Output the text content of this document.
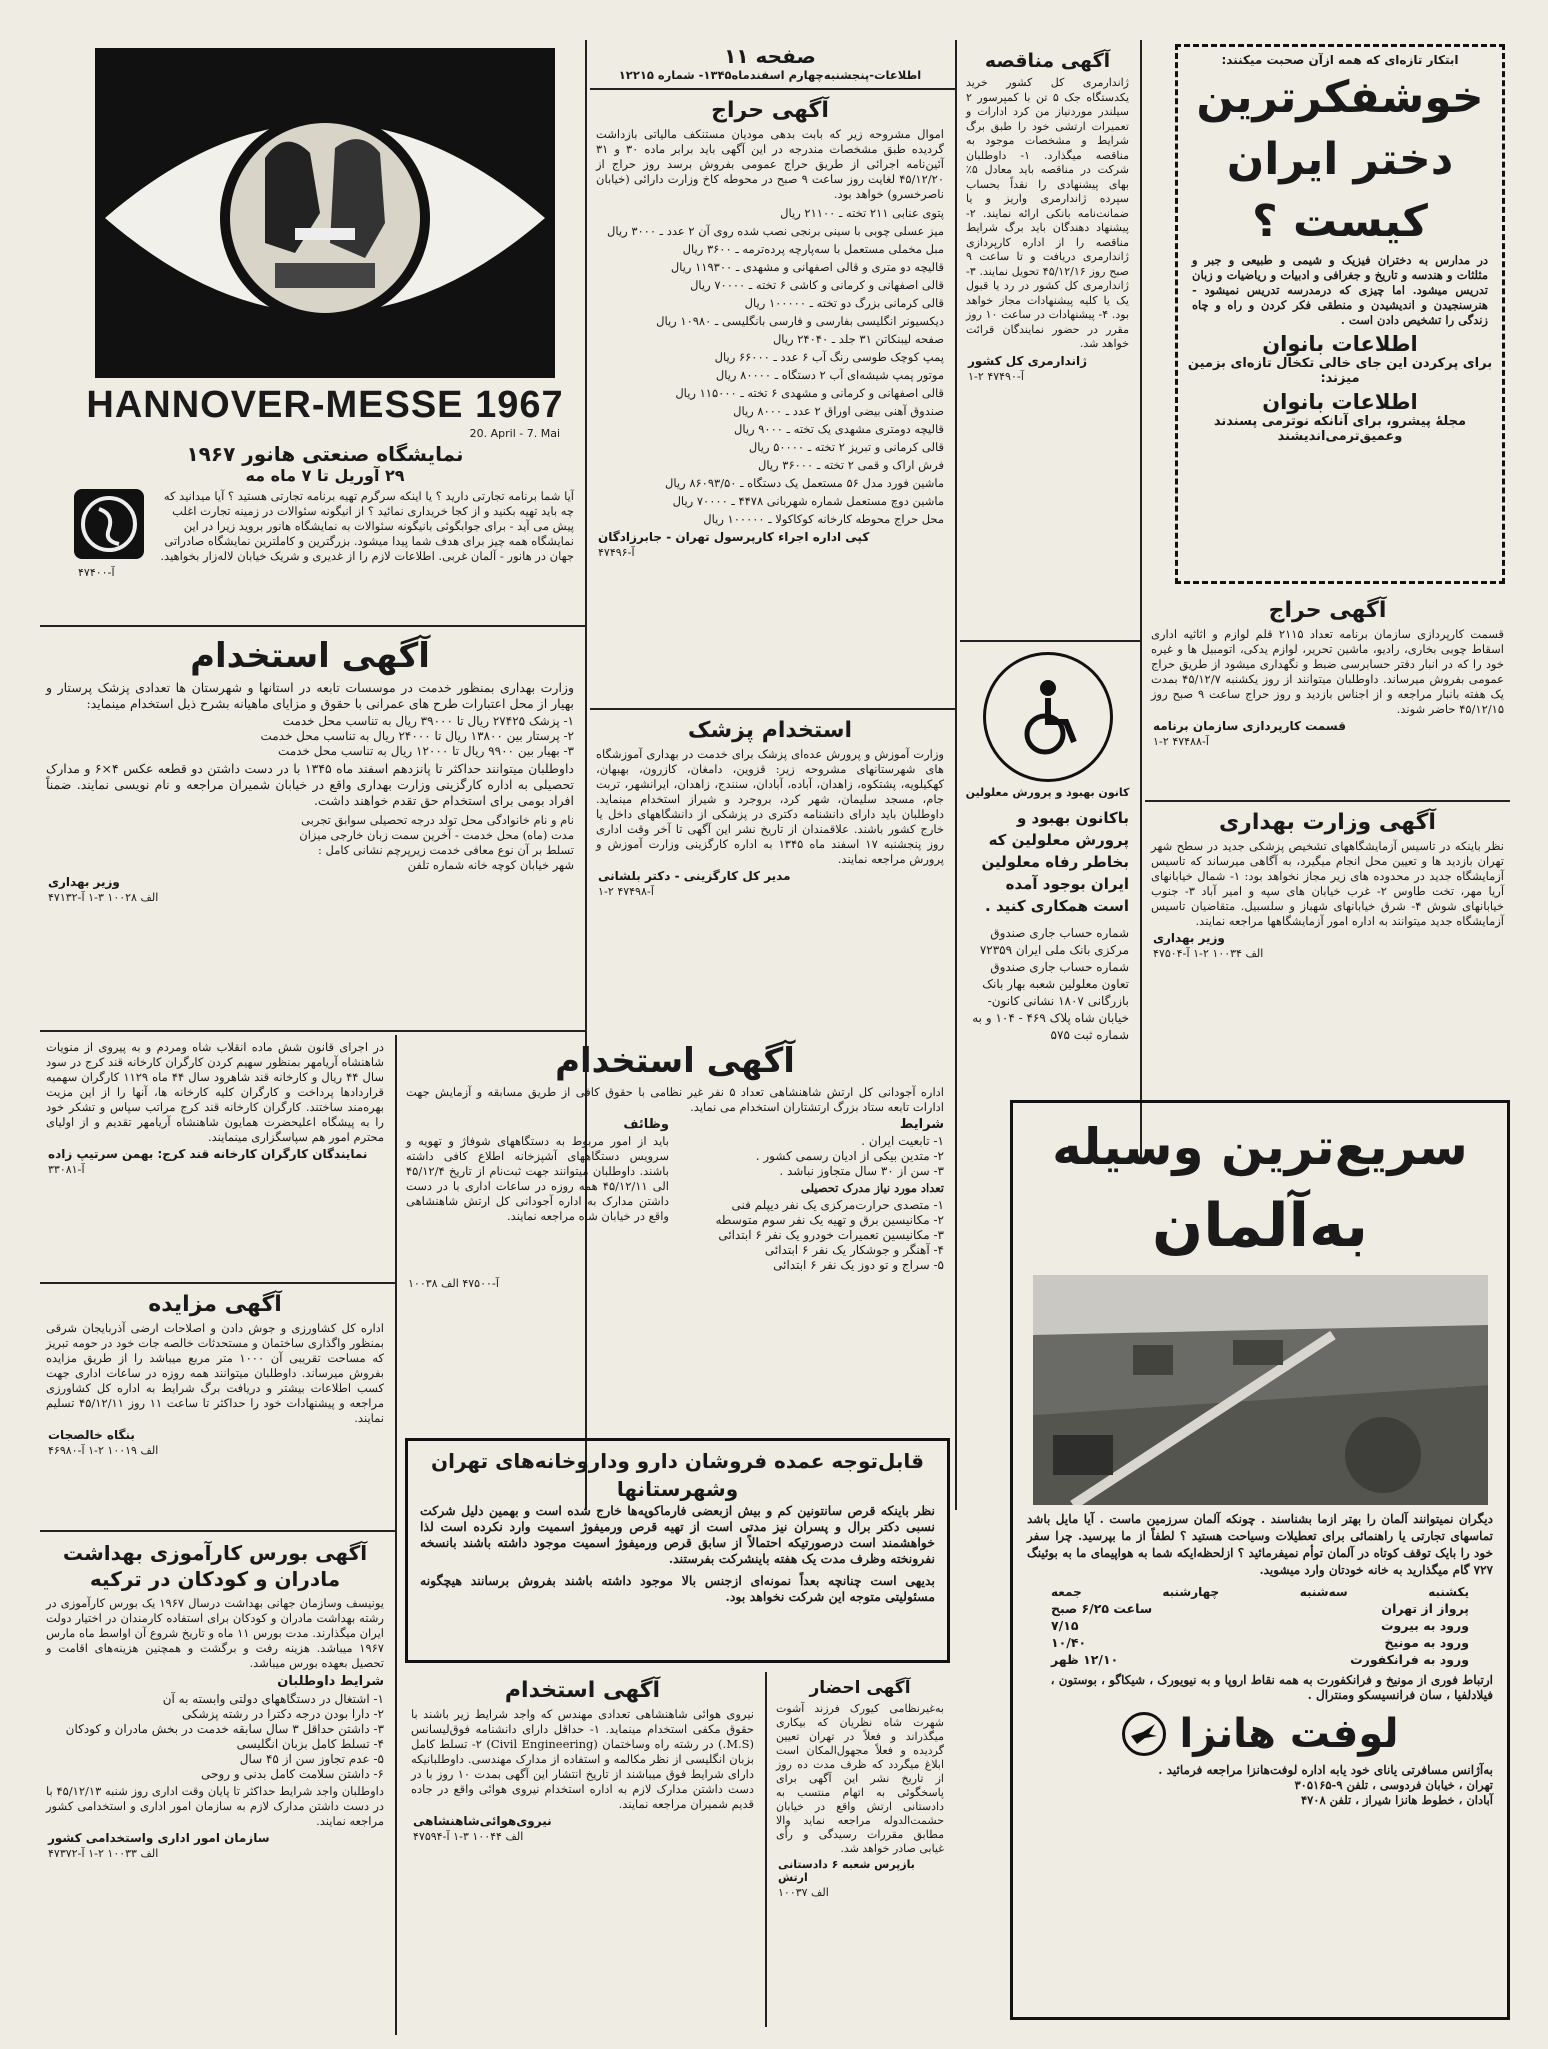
HANNOVER-MESSE 1967
20. April - 7. Mai
نمایشگاه صنعتی هانور ۱۹۶۷
۲۹ آوریل تا ۷ ماه مه

آیا شما برنامه تجارتی دارید ؟ یا اینکه سرگرم تهیه برنامه تجارتی هستید ؟ آیا میدانید که چه باید تهیه بکنید و از کجا خریداری نمائید ؟ از انیگونه سئوالات در زمینه تجارت اغلب پیش می آید - برای جوابگوئی بانیگونه سئوالات به نمایشگاه هانور بروید زیرا در این نمایشگاه همه چیز برای هدف شما پیدا میشود. بزرگترین و کاملترین نمایشگاه صادراتی جهان در هانور - آلمان غربی. اطلاعات لازم را از غدیری و شریک خیابان لاله‌زار بخواهید.

آ-۴۷۴۰۰
آگهی استخدام

وزارت بهداری بمنظور خدمت در موسسات تابعه در استانها و شهرستان ها تعدادی پزشک پرستار و بهیار از محل اعتبارات طرح های عمرانی با حقوق و مزایای ماهیانه بشرح ذیل استخدام مینماید:

۱- پزشک ۲۷۴۲۵ ریال تا ۳۹۰۰۰ ریال به تناسب محل خدمت
۲- پرستار بین ۱۳۸۰۰ ریال تا ۲۴۰۰۰ ریال به تناسب محل خدمت
۳- بهیار بین ۹۹۰۰ ریال تا ۱۲۰۰۰ ریال به تناسب محل خدمت

داوطلبان میتوانند حداکثر تا پانزدهم اسفند ماه ۱۳۴۵ با در دست داشتن دو قطعه عکس ۴×۶ و مدارک تحصیلی به اداره کارگزینی وزارت بهداری واقع در خیابان شمیران مراجعه و نام نویسی نمایند. ضمناً افراد بومی برای استخدام حق تقدم خواهند داشت.

نام و نام خانوادگی محل تولد درجه تحصیلی سوابق تجربی
مدت (ماه) محل خدمت - آخرین سمت زبان خارجی میزان
تسلط بر آن نوع معافی خدمت زیرپرچم نشانی کامل :
شهر خیابان کوچه خانه شماره تلفن
وزیر بهداری
الف ۱۰۰۲۸ ۳-۱ آ-۴۷۱۳۲

در اجرای قانون شش ماده انقلاب شاه ومردم و به پیروی از منویات شاهنشاه آریامهر بمنظور سهیم کردن کارگران کارخانه قند کرج در سود سال ۴۴ ریال و کارخانه قند شاهرود سال ۴۴ ماه ۱۱۲۹ کارگران سهمیه قراردادها پرداخت و کارگران کلیه کارخانه ها، آنها را از این مزیت بهره‌مند ساختند. کارگران کارخانه قند کرج مراتب سپاس و تشکر خود را به پیشگاه اعلیحضرت همایون شاهنشاه آریامهر تقدیم و از اولیای محترم امور هم سپاسگزاری مینمایند.

نمایندگان کارگران کارخانه قند کرج: بهمن سرتیپ زاده
آ-۳۳۰۸۱
آگهی مزایده

اداره کل کشاورزی و جوش دادن و اصلاحات ارضی آذربایجان شرقی بمنظور واگذاری ساختمان و مستحدثات خالصه جات خود در حومه تبریز که مساحت تقریبی آن ۱۰۰۰ متر مربع میباشد را از طریق مزایده بفروش میرساند. داوطلبان میتوانند همه روزه در ساعات اداری جهت کسب اطلاعات بیشتر و دریافت برگ شرایط به اداره کل کشاورزی مراجعه و پیشنهادات خود را حداکثر تا ساعت ۱۱ روز ۴۵/۱۲/۱۱ تسلیم نمایند.

بنگاه خالصجات
الف ۱۰۰۱۹ ۲-۱ آ-۴۶۹۸۰
آگهی بورس کارآموزی بهداشت مادران و کودکان در ترکیه

یونیسف وسازمان جهانی بهداشت درسال ۱۹۶۷ یک بورس کارآموزی در رشته بهداشت مادران و کودکان برای استفاده کارمندان در اختیار دولت ایران میگذارند. مدت بورس ۱۱ ماه و تاریخ شروع آن اواسط ماه مارس ۱۹۶۷ میباشد. هزینه رفت و برگشت و همچنین هزینه‌های اقامت و تحصیل بعهده بورس میباشد.

شرایط داوطلبان
۱- اشتغال در دستگاههای دولتی وابسته به آن
۲- دارا بودن درجه دکترا در رشته پزشکی
۳- داشتن حداقل ۳ سال سابقه خدمت در بخش مادران و کودکان
۴- تسلط کامل بزبان انگلیسی
۵- عدم تجاوز سن از ۴۵ سال
۶- داشتن سلامت کامل بدنی و روحی

داوطلبان واجد شرایط حداکثر تا پایان وقت اداری روز شنبه ۴۵/۱۲/۱۳ با در دست داشتن مدارک لازم به سازمان امور اداری و استخدامی کشور مراجعه نمایند.

سازمان امور اداری واستخدامی کشور
الف ۱۰۰۳۳ ۲-۱ آ-۴۷۳۷۲
صفحه ۱۱
اطلاعات-پنجشنبه‌چهارم اسفندماه۱۳۴۵- شماره ۱۲۲۱۵
آگهی حراج

اموال مشروحه زیر که بابت بدهی مودیان مستنکف مالیاتی بازداشت گردیده طبق مشخصات مندرجه در این آگهی باید برابر ماده ۳۰ و ۳۱ آئین‌نامه اجرائی از طریق حراج عمومی بفروش برسد روز حراج از ۴۵/۱۲/۲۰ لغایت روز ساعت ۹ صبح در محوطه کاخ وزارت دارائی (خیابان ناصرخسرو) خواهد بود.

پتوی عنابی ۲۱۱ تخته ـ ۲۱۱۰۰ ریال
میز عسلی چوبی با سینی برنجی نصب شده روی آن ۲ عدد ـ ۳۰۰۰ ریال
مبل مخملی مستعمل با سه‌پارچه پرده‌ترمه ـ ۳۶۰۰ ریال
قالیچه دو متری و قالی اصفهانی و مشهدی ـ ۱۱۹۳۰۰ ریال
قالی اصفهانی و کرمانی و کاشی ۶ تخته ـ ۷۰۰۰۰ ریال
قالی کرمانی بزرگ دو تخته ـ ۱۰۰۰۰۰ ریال
دیکسیونر انگلیسی بفارسی و فارسی بانگلیسی ـ ۱۰۹۸۰ ریال
صفحه لیبنکاتن ۳۱ جلد ـ ۲۴۰۴۰ ریال
پمپ کوچک طوسی رنگ آب ۶ عدد ـ ۶۶۰۰۰ ریال
موتور پمپ شیشه‌ای آب ۲ دستگاه ـ ۸۰۰۰۰ ریال
قالی اصفهانی و کرمانی و مشهدی ۶ تخته ـ ۱۱۵۰۰۰ ریال
صندوق آهنی بیضی اوراق ۲ عدد ـ ۸۰۰۰ ریال
قالیچه دومتری مشهدی یک تخته ـ ۹۰۰۰ ریال
قالی کرمانی و تبریز ۲ تخته ـ ۵۰۰۰۰ ریال
فرش اراک و قمی ۲ تخته ـ ۳۶۰۰۰ ریال
ماشین فورد مدل ۵۶ مستعمل یک دستگاه ـ ۸۶۰۹۳/۵۰ ریال
ماشین دوچ مستعمل شماره شهربانی ۴۴۷۸ ـ ۷۰۰۰۰ ریال
محل حراج محوطه کارخانه کوکاکولا ـ ۱۰۰۰۰۰ ریال
کپی اداره اجراء کارپرسول تهران - جابرزادگان
آ-۴۷۴۹۶
استخدام پزشک

وزارت آموزش و پرورش عده‌ای پزشک برای خدمت در بهداری آموزشگاه های شهرستانهای مشروحه زیر: قزوین، دامغان، کازرون، بهبهان، کهکیلویه، پشتکوه، زاهدان، آباده، آبادان، سنندج، زاهدان، ایرانشهر، تربت جام، مسجد سلیمان، شهر کرد، بروجرد و شیراز استخدام مینماید. داوطلبان باید دارای دانشنامه دکتری در پزشکی از دانشگاههای داخل یا خارج کشور باشند. علاقمندان از تاریخ نشر این آگهی تا آخر وقت اداری روز پنجشنبه ۱۷ اسفند ماه ۱۳۴۵ به اداره کارگزینی وزارت آموزش و پرورش مراجعه نمایند.

مدیر کل کارگزینی - دکتر بلشانی
آ-۴۷۴۹۸ ۲-۱
آگهی استخدام

اداره آجودانی کل ارتش شاهنشاهی تعداد ۵ نفر غیر نظامی با حقوق کافی از طریق مسابقه و آزمایش جهت ادارات تابعه ستاد بزرگ ارتشتاران استخدام می نماید.

شرایط
۱- تابعیت ایران .
۲- متدین بیکی از ادیان رسمی کشور .
۳- سن از ۳۰ سال متجاوز نباشد .
تعداد مورد نیاز مدرک تحصیلی
۱- متصدی حرارت‌مرکزی یک نفر دیپلم فنی
۲- مکانیسین برق و تهیه یک نفر سوم متوسطه
۳- مکانیسین تعمیرات خودرو یک نفر ۶ ابتدائی
۴- آهنگر و جوشکار یک نفر ۶ ابتدائی
۵- سراج و تو دوز یک نفر ۶ ابتدائی
وظائف

باید از امور مربوط به دستگاههای شوفاژ و تهویه و سرویس دستگاههای آشپزخانه اطلاع کافی داشته باشند. داوطلبان میتوانند جهت ثبت‌نام از تاریخ ۴۵/۱۲/۴ الی ۴۵/۱۲/۱۱ همه روزه در ساعات اداری با در دست داشتن مدارک به اداره آجودانی کل ارتش شاهنشاهی واقع در خیابان شاه مراجعه نمایند.

آ-۴۷۵۰۰ الف ۱۰۰۳۸
قابل‌توجه عمده فروشان دارو وداروخانه‌های تهران وشهرستانها

نظر باینکه قرص سانتونین کم و بیش ازبعضی فارماکوپه‌ها خارج شده است و بهمین دلیل شرکت نسبی دکتر برال و پسران نیز مدتی است از تهیه قرص ورمیفوژ اسمیت وارد نکرده است لذا خواهشمند است درصورتیکه احتمالاً از سابق قرص ورمیفوژ اسمیت موجود داشته باشند بانسخه نفرونخته وظرف مدت یک هفته باینشرکت بفرستند.

بدیهی است چنانچه بعداً نمونه‌ای ازجنس بالا موجود داشته باشند بفروش برسانند هیچگونه مسئولیتی متوجه این شرکت نخواهد بود.

آگهی استخدام

نیروی هوائی شاهنشاهی تعدادی مهندس که واجد شرایط زیر باشند با حقوق مکفی استخدام مینماید. ۱- حداقل دارای دانشنامه فوق‌لیسانس (M.S.) در رشته راه وساختمان (Civil Engineering) ۲- تسلط کامل بزبان انگلیسی از نظر مکالمه و استفاده از مدارک مهندسی. داوطلبانیکه دارای شرایط فوق میباشند از تاریخ انتشار این آگهی بمدت ۱۰ روز با در دست داشتن مدارک لازم به اداره استخدام نیروی هوائی واقع در جاده قدیم شمیران مراجعه نمایند.

نیروی‌هوائی‌شاهنشاهی
الف ۱۰۰۴۴ ۳-۱ آ-۴۷۵۹۴
آگهی احضار

به‌غیرنظامی کیورک فرزند آشوت شهرت شاه نظریان که بیکاری میگذراند و فعلاً در تهران تعیین گردیده و فعلاً مجهول‌المکان است ابلاغ میگردد که ظرف مدت ده روز از تاریخ نشر این آگهی برای پاسخگوئی به اتهام منتسب به دادستانی ارتش واقع در خیابان حشمت‌الدوله مراجعه نماید والا مطابق مقررات رسیدگی و رأی غیابی صادر خواهد شد.

بازپرس شعبه ۶ دادستانی ارتش
الف ۱۰۰۳۷
آگهی مناقصه

ژاندارمری کل کشور خرید یکدستگاه جک ۵ تن با کمپرسور ۲ سیلندر موردنیاز من کرد ادارات و تعمیرات ارتشی خود را طبق برگ شرایط و مشخصات موجود به مناقصه میگذارد. ۱- داوطلبان شرکت در مناقصه باید معادل ۵٪ بهای پیشنهادی را نقداً بحساب سپرده ژاندارمری واریز و یا ضمانت‌نامه بانکی ارائه نمایند. ۲- پیشنهاد دهندگان باید برگ شرایط مناقصه را از اداره کارپردازی ژاندارمری دریافت و تا ساعت ۹ صبح روز ۴۵/۱۲/۱۶ تحویل نمایند. ۳- ژاندارمری کل کشور در رد یا قبول یک یا کلیه پیشنهادات مجاز خواهد بود. ۴- پیشنهادات در ساعت ۱۰ روز مقرر در حضور نمایندگان قرائت خواهد شد.

ژاندارمری کل کشور
آ-۴۷۴۹۰ ۲-۱
کانون بهبود و پرورش معلولین
باکانون بهبود و پرورش معلولین که بخاطر رفاه معلولین ایران بوجود آمده است همکاری کنید .

شماره حساب جاری صندوق مرکزی بانک ملی ایران ۷۲۳۵۹ شماره حساب جاری صندوق تعاون معلولین شعبه بهار بانک بازرگانی ۱۸۰۷ نشانی کانون- خیابان شاه پلاک ۴۶۹ - ۱۰۴ و به شماره ثبت ۵۷۵

ابتکار تازه‌ای که همه ازآن صحبت میکنند:
خوشفکرترین
دختر ایران
کیست ؟

در مدارس به دختران فیزیک و شیمی و طبیعی و جبر و مثلثات و هندسه و تاریخ و جغرافی و ادبیات و ریاضیات و زبان تدریس میشود. اما چیزی که درمدرسه تدریس نمیشود - هنرسنجیدن و اندیشیدن و منطقی فکر کردن و راه و چاه زندگی را تشخیص دادن است .

اطلاعات بانوان
برای پرکردن این جای خالی تکخال تازه‌ای بزمین میزند:
اطلاعات بانوان
مجلۀ پیشرو، برای آنانکه نوترمی پسندند وعمیق‌ترمی‌اندیشند
آگهی حراج

قسمت کارپردازی سازمان برنامه تعداد ۲۱۱۵ قلم لوازم و اثاثیه اداری اسقاط چوبی بخاری، رادیو، ماشین تحریر، لوازم یدکی، اتومبیل ها و غیره خود را که در انبار دفتر حسابرسی ضبط و نگهداری میشود از طریق حراج عمومی بفروش میرساند. داوطلبان میتوانند از روز یکشنبه ۴۵/۱۲/۷ بمدت یک هفته بانبار مراجعه و از اجناس بازدید و روز حراج ساعت ۹ صبح روز ۴۵/۱۲/۱۵ حاضر شوند.

قسمت کارپردازی سازمان برنامه
آ-۴۷۴۸۸ ۲-۱
آگهی وزارت بهداری

نظر باینکه در تاسیس آزمایشگاههای تشخیص پزشکی جدید در سطح شهر تهران بازدید ها و تعیین محل انجام میگیرد، به آگاهی میرساند که تاسیس آزمایشگاه جدید در محدوده های زیر مجاز نخواهد بود: ۱- شمال خیابانهای آریا مهر، تخت طاوس ۲- غرب خیابان های سپه و امیر آباد ۳- جنوب خیابانهای شوش ۴- شرق خیابانهای شهباز و سلسبیل. متقاضیان تاسیس آزمایشگاه جدید میتوانند به اداره امور آزمایشگاهها مراجعه نمایند.

وزیر بهداری
الف ۱۰۰۳۴ ۲-۱ آ-۴۷۵۰۴
سریع‌ترین وسیله
به‌آلمان

دیگران نمیتوانند آلمان را بهتر ازما بشناسند . چونکه آلمان سرزمین ماست . آیا مایل باشد تماسهای تجارتی یا راهنمائی برای تعطیلات وسیاحت هستید ؟ لطفاً از ما بپرسید. چرا سفر خود را بایک توقف کوتاه در آلمان توأم نمیفرمائید ؟ ازلحظه‌ایکه شما به هواپیمای ما به بوئینگ ۷۲۷ گام میگذارید به خانه خودتان وارد میشوید.

یکشنبه
سه‌شنبه
چهارشنبه
جمعه
پرواز از تهران
ساعت ۶/۲۵ صبح
ورود به بیروت
۷/۱۵
ورود به مونیخ
۱۰/۴۰
ورود به فرانکفورت
۱۲/۱۰ ظهر

ارتباط فوری از مونیخ و فرانکفورت به همه نقاط اروپا و به نیویورک ، شیکاگو ، بوستون ، فیلادلفیا ، سان فرانسیسکو ومنترال .

لوفت هانزا

به‌آژانس مسافرتی یانای خود یابه اداره لوفت‌هانزا مراجعه فرمائید .

تهران ، خیابان فردوسی ، تلفن ۹-۳۰۵۱۶۵
آبادان ، خطوط هانزا شیراز ، تلفن ۴۷۰۸
